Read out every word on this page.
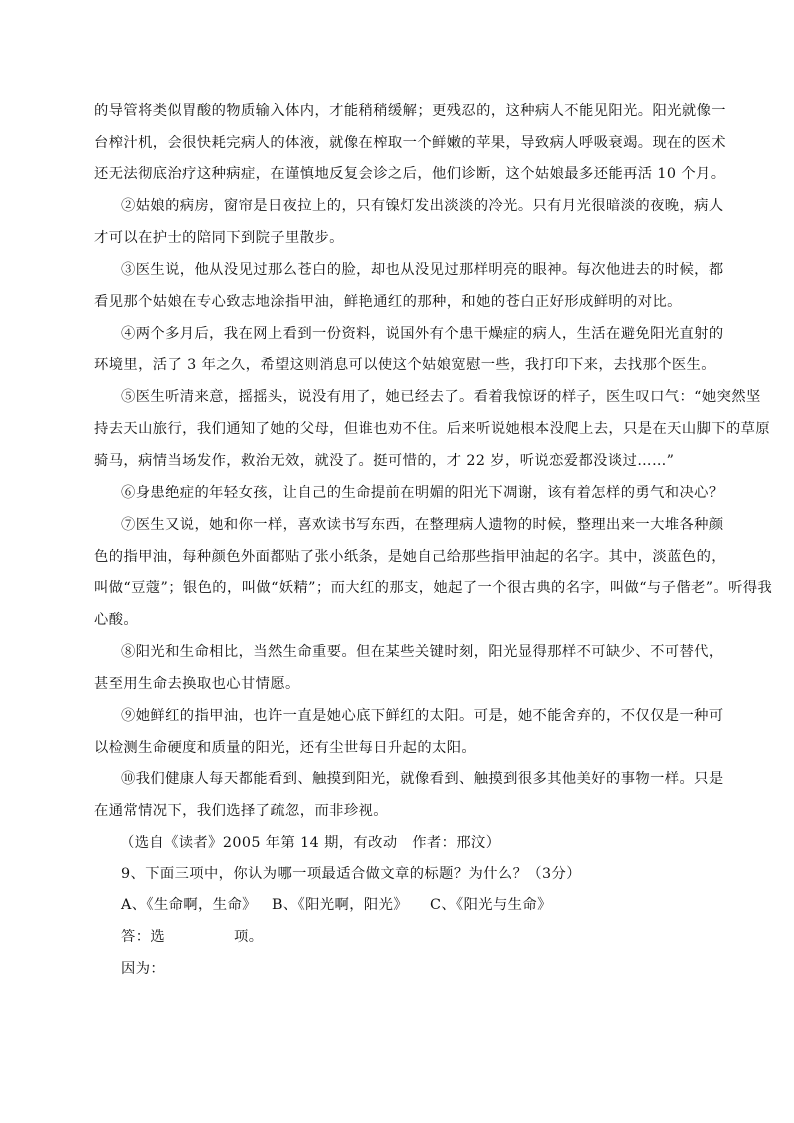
的导管将类似胃酸的物质输入体内，才能稍稍缓解；更残忍的，这种病人不能见阳光。阳光就像一
台榨汁机，会很快耗完病人的体液，就像在榨取一个鲜嫩的苹果，导致病人呼吸衰竭。现在的医术
还无法彻底治疗这种病症，在谨慎地反复会诊之后，他们诊断，这个姑娘最多还能再活 10 个月。
②姑娘的病房，窗帘是日夜拉上的，只有镍灯发出淡淡的冷光。只有月光很暗淡的夜晚，病人
才可以在护士的陪同下到院子里散步。
③医生说，他从没见过那么苍白的脸，却也从没见过那样明亮的眼神。每次他进去的时候，都
看见那个姑娘在专心致志地涂指甲油，鲜艳通红的那种，和她的苍白正好形成鲜明的对比。
④两个多月后，我在网上看到一份资料，说国外有个患干燥症的病人，生活在避免阳光直射的
环境里，活了 3 年之久，希望这则消息可以使这个姑娘宽慰一些，我打印下来，去找那个医生。
⑤医生听清来意，摇摇头，说没有用了，她已经去了。看着我惊讶的样子，医生叹口气：“她突然坚
持去天山旅行，我们通知了她的父母，但谁也劝不住。后来听说她根本没爬上去，只是在天山脚下的草原
骑马，病情当场发作，救治无效，就没了。挺可惜的，才 22 岁，听说恋爱都没谈过……”
⑥身患绝症的年轻女孩，让自己的生命提前在明媚的阳光下凋谢，该有着怎样的勇气和决心？
⑦医生又说，她和你一样，喜欢读书写东西，在整理病人遗物的时候，整理出来一大堆各种颜
色的指甲油，每种颜色外面都贴了张小纸条，是她自己给那些指甲油起的名字。其中，淡蓝色的，
叫做“豆蔻”；银色的，叫做“妖精”；而大红的那支，她起了一个很古典的名字，叫做“与子偕老”。听得我
心酸。
⑧阳光和生命相比，当然生命重要。但在某些关键时刻，阳光显得那样不可缺少、不可替代，
甚至用生命去换取也心甘情愿。
⑨她鲜红的指甲油，也许一直是她心底下鲜红的太阳。可是，她不能舍弃的，不仅仅是一种可
以检测生命硬度和质量的阳光，还有尘世每日升起的太阳。
⑩我们健康人每天都能看到、触摸到阳光，就像看到、触摸到很多其他美好的事物一样。只是
在通常情况下，我们选择了疏忽，而非珍视。
（选自《读者》2005 年第 14 期，有改动　作者：邢汶）
9、下面三项中，你认为哪一项最适合做文章的标题？为什么？（3分）
A、《生命啊，生命》 B、《阳光啊，阳光》 C、《阳光与生命》
答：选	项。
因为：
